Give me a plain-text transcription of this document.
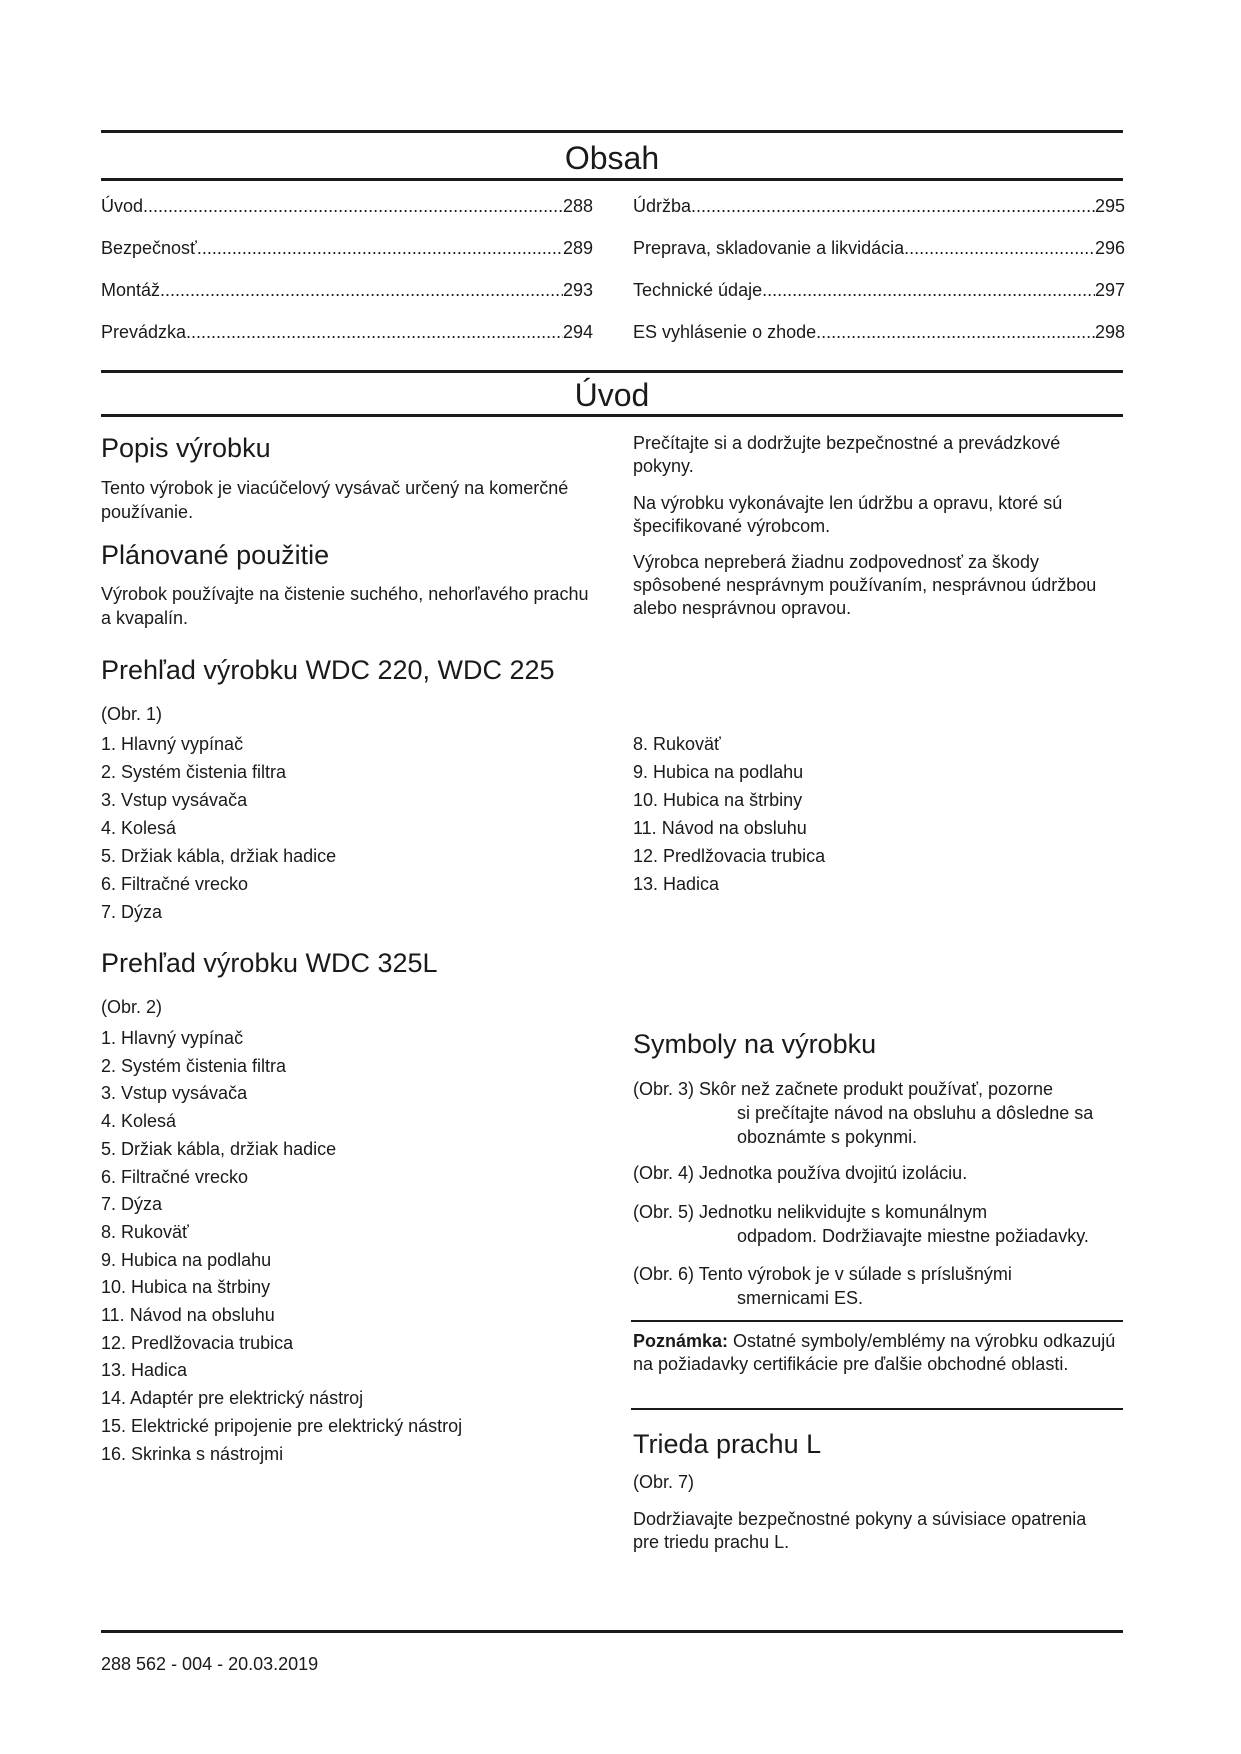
Obsah
Úvod .....	288
Bezpečnosť .....	289
Montáž .....	293
Prevádzka .....	294
Údržba .....	295
Preprava, skladovanie a likvidácia .....	296
Technické údaje .....	297
ES vyhlásenie o zhode .....	298
Úvod
Popis výrobku

Tento výrobok je viacúčelový vysávač určený na komerčné používanie.

Plánované použitie

Výrobok používajte na čistenie suchého, nehorľavého prachu a kvapalín.

Prečítajte si a dodržujte bezpečnostné a prevádzkové pokyny.

Na výrobku vykonávajte len údržbu a opravu, ktoré sú špecifikované výrobcom.

Výrobca nepreberá žiadnu zodpovednosť za škody spôsobené nesprávnym používaním, nesprávnou údržbou alebo nesprávnou opravou.

Prehľad výrobku WDC 220, WDC 225

(Obr. 1)

1. Hlavný vypínač
2. Systém čistenia filtra
3. Vstup vysávača
4. Kolesá
5. Držiak kábla, držiak hadice
6. Filtračné vrecko
7. Dýza
8. Rukoväť
9. Hubica na podlahu
10. Hubica na štrbiny
11. Návod na obsluhu
12. Predlžovacia trubica
13. Hadica
Prehľad výrobku WDC 325L

(Obr. 2)

1. Hlavný vypínač
2. Systém čistenia filtra
3. Vstup vysávača
4. Kolesá
5. Držiak kábla, držiak hadice
6. Filtračné vrecko
7. Dýza
8. Rukoväť
9. Hubica na podlahu
10. Hubica na štrbiny
11. Návod na obsluhu
12. Predlžovacia trubica
13. Hadica
14. Adaptér pre elektrický nástroj
15. Elektrické pripojenie pre elektrický nástroj
16. Skrinka s nástrojmi
Symboly na výrobku
(Obr. 3) Skôr než začnete produkt používať, pozorne
si prečítajte návod na obsluhu a dôsledne sa oboznámte s pokynmi.
(Obr. 4) Jednotka používa dvojitú izoláciu.
(Obr. 5) Jednotku nelikvidujte s komunálnym
odpadom. Dodržiavajte miestne požiadavky.
(Obr. 6) Tento výrobok je v súlade s príslušnými
smernicami ES.

Poznámka: Ostatné symboly/emblémy na výrobku odkazujú na požiadavky certifikácie pre ďalšie obchodné oblasti.

Trieda prachu L

(Obr. 7)

Dodržiavajte bezpečnostné pokyny a súvisiace opatrenia pre triedu prachu L.

288 562 - 004 - 20.03.2019
